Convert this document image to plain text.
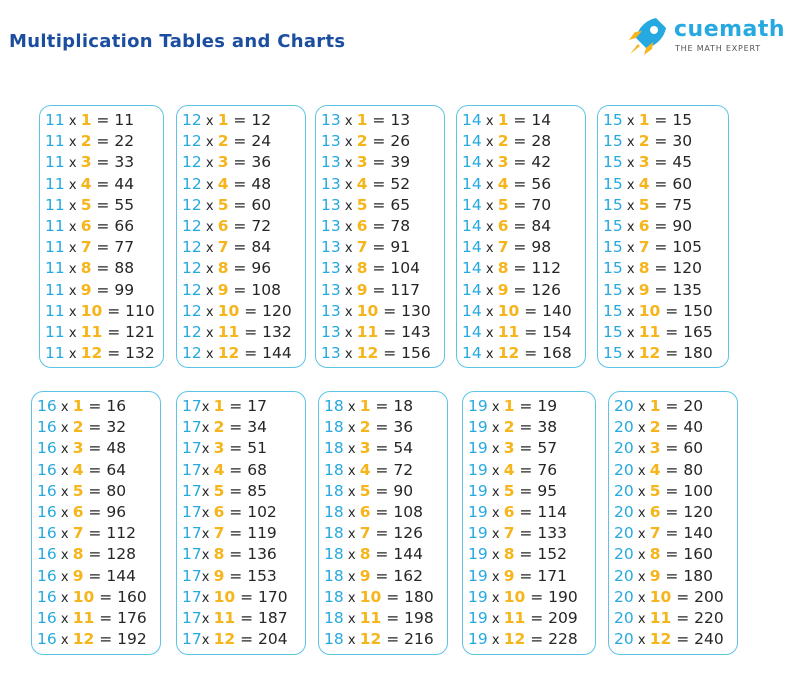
Multiplication Tables and Charts	cuemath
THE MATH EXPERT
11 x 1 = 11
11 x 2 = 22
11 x 3 = 33
11 x 4 = 44
11 x 5 = 55
11 x 6 = 66
11 x 7 = 77
11 x 8 = 88
11 x 9 = 99
11 x 10 = 110
11 x 11 = 121
11 x 12 = 132
12 x 1 = 12
12 x 2 = 24
12 x 3 = 36
12 x 4 = 48
12 x 5 = 60
12 x 6 = 72
12 x 7 = 84
12 x 8 = 96
12 x 9 = 108
12 x 10 = 120
12 x 11 = 132
12 x 12 = 144
13 x 1 = 13
13 x 2 = 26
13 x 3 = 39
13 x 4 = 52
13 x 5 = 65
13 x 6 = 78
13 x 7 = 91
13 x 8 = 104
13 x 9 = 117
13 x 10 = 130
13 x 11 = 143
13 x 12 = 156
14 x 1 = 14
14 x 2 = 28
14 x 3 = 42
14 x 4 = 56
14 x 5 = 70
14 x 6 = 84
14 x 7 = 98
14 x 8 = 112
14 x 9 = 126
14 x 10 = 140
14 x 11 = 154
14 x 12 = 168
15 x 1 = 15
15 x 2 = 30
15 x 3 = 45
15 x 4 = 60
15 x 5 = 75
15 x 6 = 90
15 x 7 = 105
15 x 8 = 120
15 x 9 = 135
15 x 10 = 150
15 x 11 = 165
15 x 12 = 180
16 x 1 = 16
16 x 2 = 32
16 x 3 = 48
16 x 4 = 64
16 x 5 = 80
16 x 6 = 96
16 x 7 = 112
16 x 8 = 128
16 x 9 = 144
16 x 10 = 160
16 x 11 = 176
16 x 12 = 192
17x 1 = 17
17x 2 = 34
17x 3 = 51
17x 4 = 68
17x 5 = 85
17x 6 = 102
17x 7 = 119
17x 8 = 136
17x 9 = 153
17x 10 = 170
17x 11 = 187
17x 12 = 204
18 x 1 = 18
18 x 2 = 36
18 x 3 = 54
18 x 4 = 72
18 x 5 = 90
18 x 6 = 108
18 x 7 = 126
18 x 8 = 144
18 x 9 = 162
18 x 10 = 180
18 x 11 = 198
18 x 12 = 216
19 x 1 = 19
19 x 2 = 38
19 x 3 = 57
19 x 4 = 76
19 x 5 = 95
19 x 6 = 114
19 x 7 = 133
19 x 8 = 152
19 x 9 = 171
19 x 10 = 190
19 x 11 = 209
19 x 12 = 228
20 x 1 = 20
20 x 2 = 40
20 x 3 = 60
20 x 4 = 80
20 x 5 = 100
20 x 6 = 120
20 x 7 = 140
20 x 8 = 160
20 x 9 = 180
20 x 10 = 200
20 x 11 = 220
20 x 12 = 240
